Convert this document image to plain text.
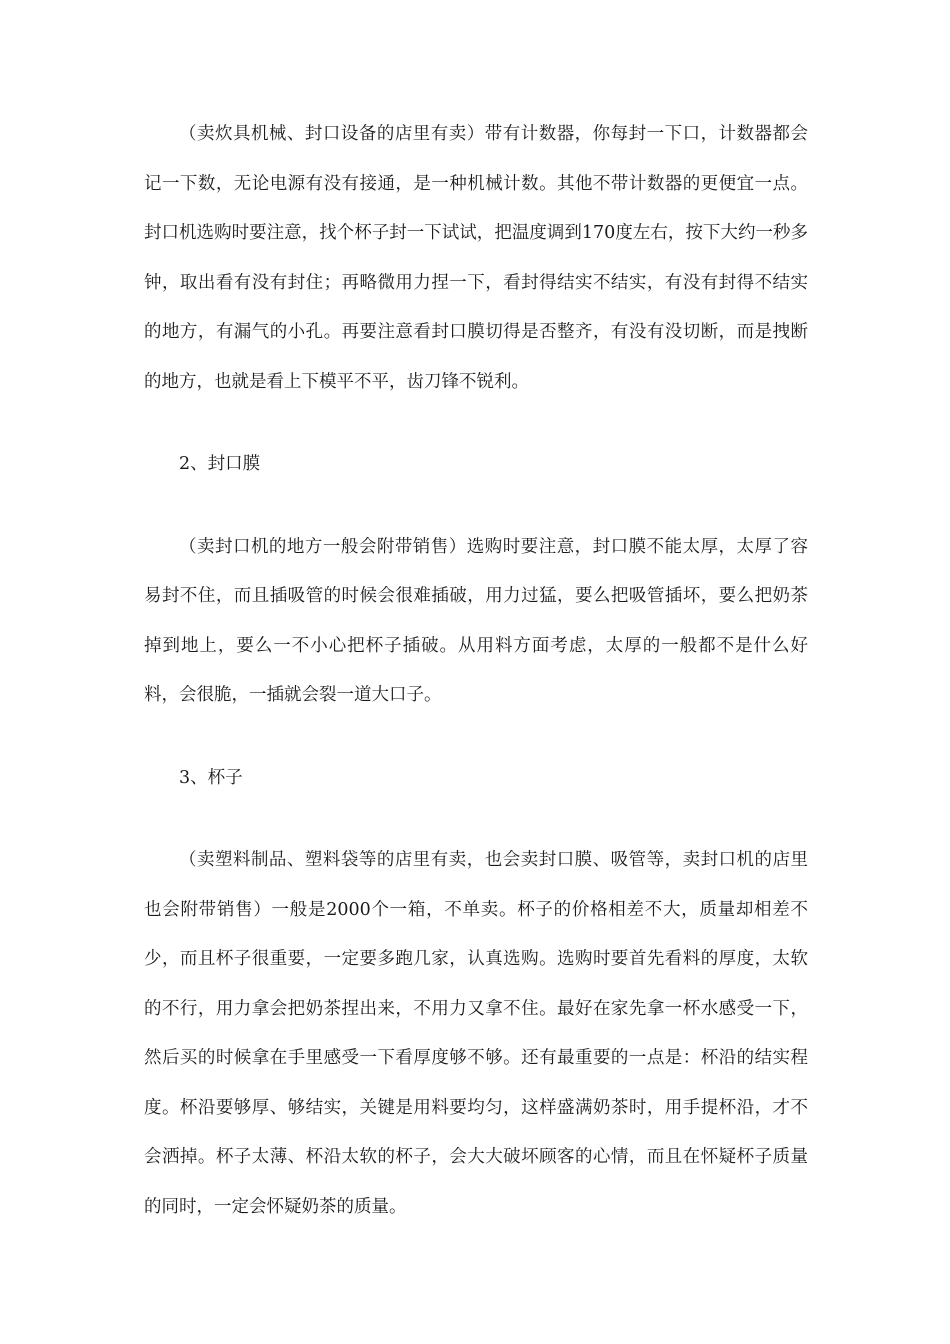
（卖炊具机械、封口设备的店里有卖）带有计数器，你每封一下口，计数器都会记一下数，无论电源有没有接通，是一种机械计数。其他不带计数器的更便宜一点。封口机选购时要注意，找个杯子封一下试试，把温度调到170度左右，按下大约一秒多钟，取出看有没有封住；再略微用力捏一下，看封得结实不结实，有没有封得不结实的地方，有漏气的小孔。再要注意看封口膜切得是否整齐，有没有没切断，而是拽断的地方，也就是看上下模平不平，齿刀锋不锐利。

2、封口膜

（卖封口机的地方一般会附带销售）选购时要注意，封口膜不能太厚，太厚了容易封不住，而且插吸管的时候会很难插破，用力过猛，要么把吸管插坏，要么把奶茶掉到地上，要么一不小心把杯子插破。从用料方面考虑，太厚的一般都不是什么好料，会很脆，一插就会裂一道大口子。

3、杯子

（卖塑料制品、塑料袋等的店里有卖，也会卖封口膜、吸管等，卖封口机的店里也会附带销售）一般是2000个一箱，不单卖。杯子的价格相差不大，质量却相差不少，而且杯子很重要，一定要多跑几家，认真选购。选购时要首先看料的厚度，太软的不行，用力拿会把奶茶捏出来，不用力又拿不住。最好在家先拿一杯水感受一下，然后买的时候拿在手里感受一下看厚度够不够。还有最重要的一点是：杯沿的结实程度。杯沿要够厚、够结实，关键是用料要均匀，这样盛满奶茶时，用手提杯沿，才不会洒掉。杯子太薄、杯沿太软的杯子，会大大破坏顾客的心情，而且在怀疑杯子质量的同时，一定会怀疑奶茶的质量。
